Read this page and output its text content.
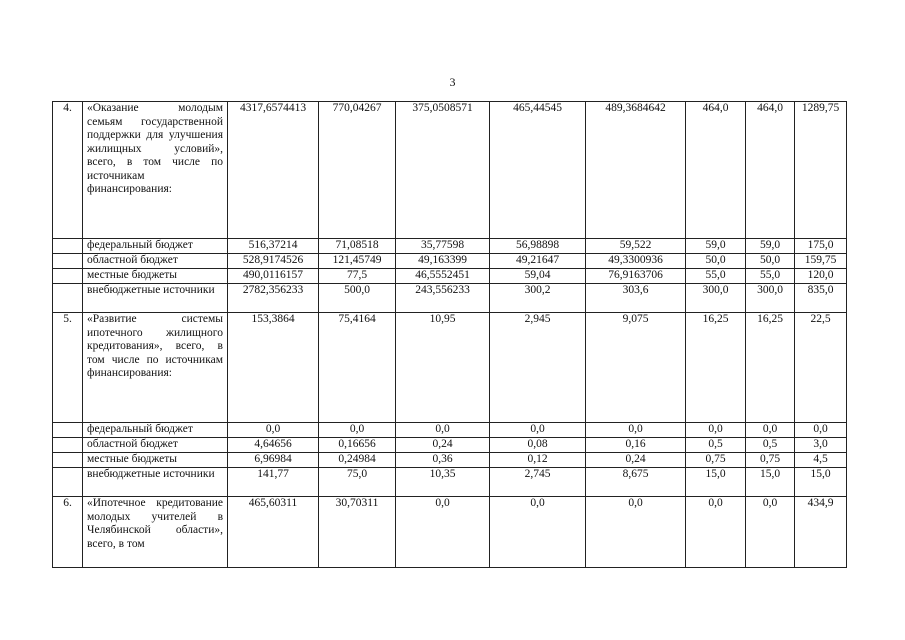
3
4.	«Оказание молодым семьям государственной поддержки для улучшения жилищных условий», всего, в том числе по источникам финансирования:	4317,6574413	770,04267	375,0508571	465,44545	489,3684642	464,0	464,0	1289,75
	федеральный бюджет	516,37214	71,08518	35,77598	56,98898	59,522	59,0	59,0	175,0
	областной бюджет	528,9174526	121,45749	49,163399	49,21647	49,3300936	50,0	50,0	159,75
	местные бюджеты	490,0116157	77,5	46,5552451	59,04	76,9163706	55,0	55,0	120,0
	внебюджетные источники	2782,356233	500,0	243,556233	300,2	303,6	300,0	300,0	835,0
5.	«Развитие системы ипотечного жилищного кредитования», всего, в том числе по источникам финансирования:	153,3864	75,4164	10,95	2,945	9,075	16,25	16,25	22,5
	федеральный бюджет	0,0	0,0	0,0	0,0	0,0	0,0	0,0	0,0
	областной бюджет	4,64656	0,16656	0,24	0,08	0,16	0,5	0,5	3,0
	местные бюджеты	6,96984	0,24984	0,36	0,12	0,24	0,75	0,75	4,5
	внебюджетные источники	141,77	75,0	10,35	2,745	8,675	15,0	15,0	15,0
6.	«Ипотечное кредитование молодых учителей в Челябинской области», всего, в том	465,60311	30,70311	0,0	0,0	0,0	0,0	0,0	434,9
